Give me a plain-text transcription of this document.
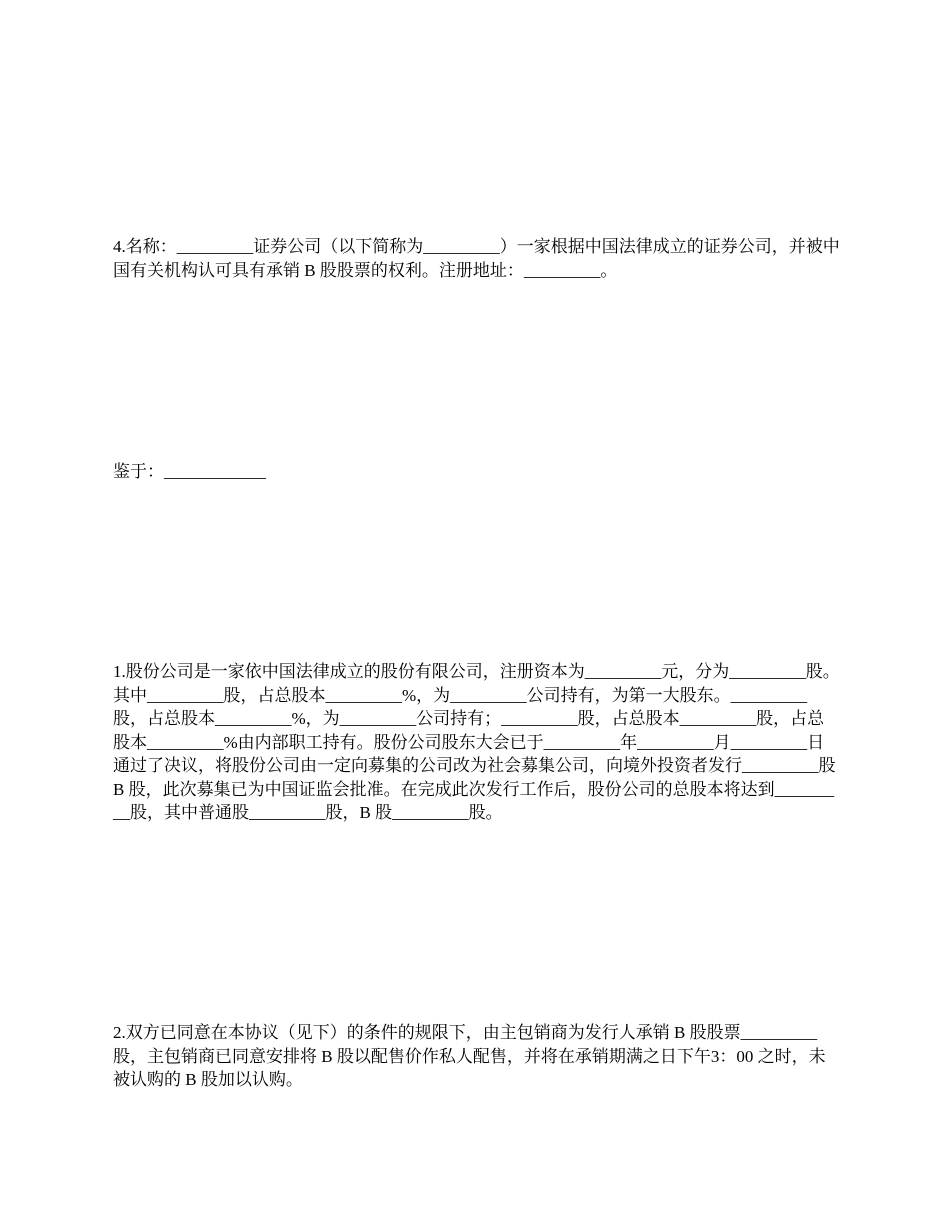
4.名称：_________证券公司（以下简称为_________）一家根据中国法律成立的证券公司，并被中国有关机构认可具有承销 B 股股票的权利。注册地址：_________。

鉴于：____________

1.股份公司是一家依中国法律成立的股份有限公司，注册资本为_________元，分为_________股。其中_________股，占总股本_________%，为_________公司持有，为第一大股东。_________股，占总股本_________%，为_________公司持有；_________股，占总股本_________股，占总股本_________%由内部职工持有。股份公司股东大会已于_________年_________月_________日通过了决议，将股份公司由一定向募集的公司改为社会募集公司，向境外投资者发行_________股 B 股，此次募集已为中国证监会批准。在完成此次发行工作后，股份公司的总股本将达到_________股，其中普通股_________股，B 股_________股。

2.双方已同意在本协议（见下）的条件的规限下，由主包销商为发行人承销 B 股股票_________股，主包销商已同意安排将 B 股以配售价作私人配售，并将在承销期满之日下午3：00 之时，未被认购的 B 股加以认购。
